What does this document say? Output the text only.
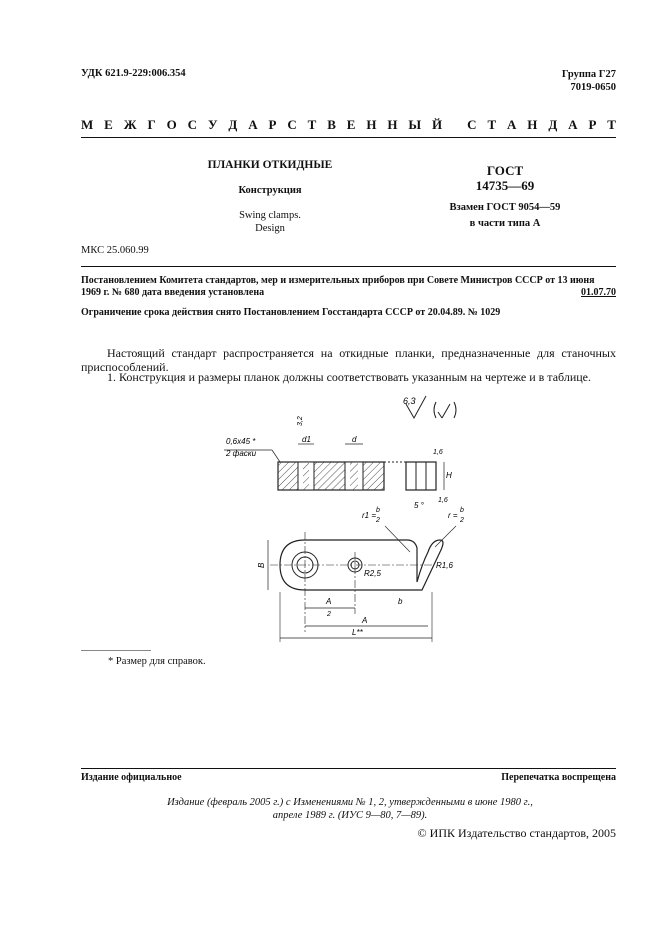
УДК 621.9-229:006.354	Группа Г27
7019-0650
М Е Ж Г О С У Д А Р С Т В Е Н Н Ы Й
С Т А Н Д А Р Т
ПЛАНКИ ОТКИДНЫЕ
Конструкция
Swing clamps.
Design
ГОСТ
14735—69
Взамен ГОСТ 9054—59
в части типа А
МКС 25.060.99
Постановлением Комитета стандартов, мер и измерительных приборов при Совете Министров СССР от 13 июня 1969 г. № 680 дата введения установлена	01.07.70
Ограничение срока действия снято Постановлением Госстандарта СССР от 20.04.89. № 1029
Настоящий стандарт распространяется на откидные планки, предназначенные для станочных приспособлений.
1. Конструкция и размеры планок должны соответствовать указанным на чертеже и в таблице.
6,3
0,6x45 *
2 фаски
d1	d
3,2
H
1,6
1,6
B
r1 =
b
2
r =
b
2
5 °
R2,5
R1,6
A
2
b
A
L**
* Размер для справок.
Издание официальное	Перепечатка воспрещена
Издание (февраль 2005 г.) с Изменениями № 1, 2, утвержденными в июне 1980 г.,
апреле 1989 г. (ИУС 9—80, 7—89).
© ИПК Издательство стандартов, 2005
